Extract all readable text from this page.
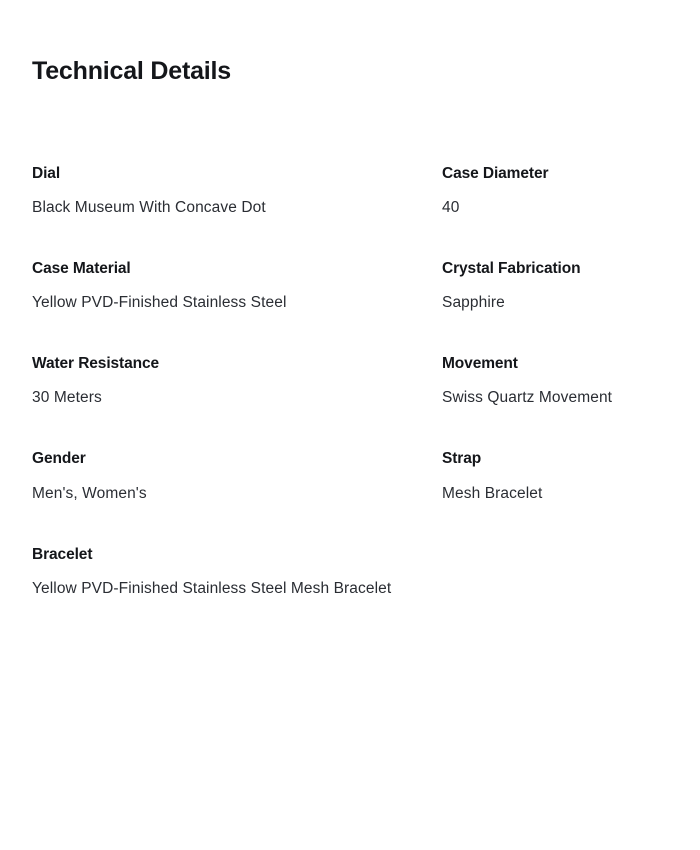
Technical Details
Dial
Black Museum With Concave Dot
Case Diameter
40
Case Material
Yellow PVD-Finished Stainless Steel
Crystal Fabrication
Sapphire
Water Resistance
30 Meters
Movement
Swiss Quartz Movement
Gender
Men's, Women's
Strap
Mesh Bracelet
Bracelet
Yellow PVD-Finished Stainless Steel Mesh Bracelet
